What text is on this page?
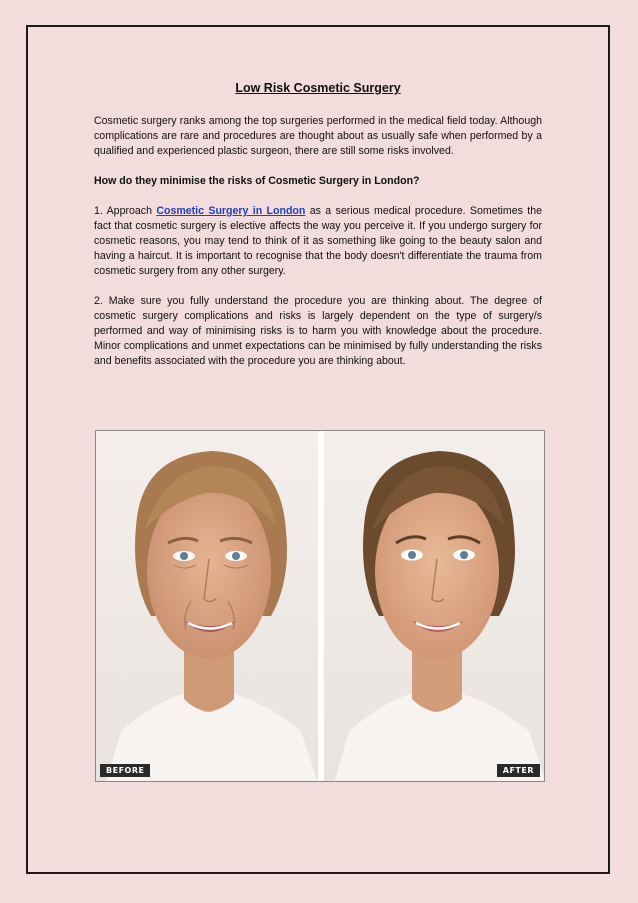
Low Risk Cosmetic Surgery

Cosmetic surgery ranks among the top surgeries performed in the medical field today. Although complications are rare and procedures are thought about as usually safe when performed by a qualified and experienced plastic surgeon, there are still some risks involved.

How do they minimise the risks of Cosmetic Surgery in London?

1. Approach Cosmetic Surgery in London as a serious medical procedure. Sometimes the fact that cosmetic surgery is elective affects the way you perceive it. If you undergo surgery for cosmetic reasons, you may tend to think of it as something like going to the beauty salon and having a haircut. It is important to recognise that the body doesn't differentiate the trauma from cosmetic surgery from any other surgery.

2. Make sure you fully understand the procedure you are thinking about. The degree of cosmetic surgery complications and risks is largely dependent on the type of surgery/s performed and way of minimising risks is to harm you with knowledge about the procedure. Minor complications and unmet expectations can be minimised by fully understanding the risks and benefits associated with the procedure you are thinking about.

BEFORE	AFTER
